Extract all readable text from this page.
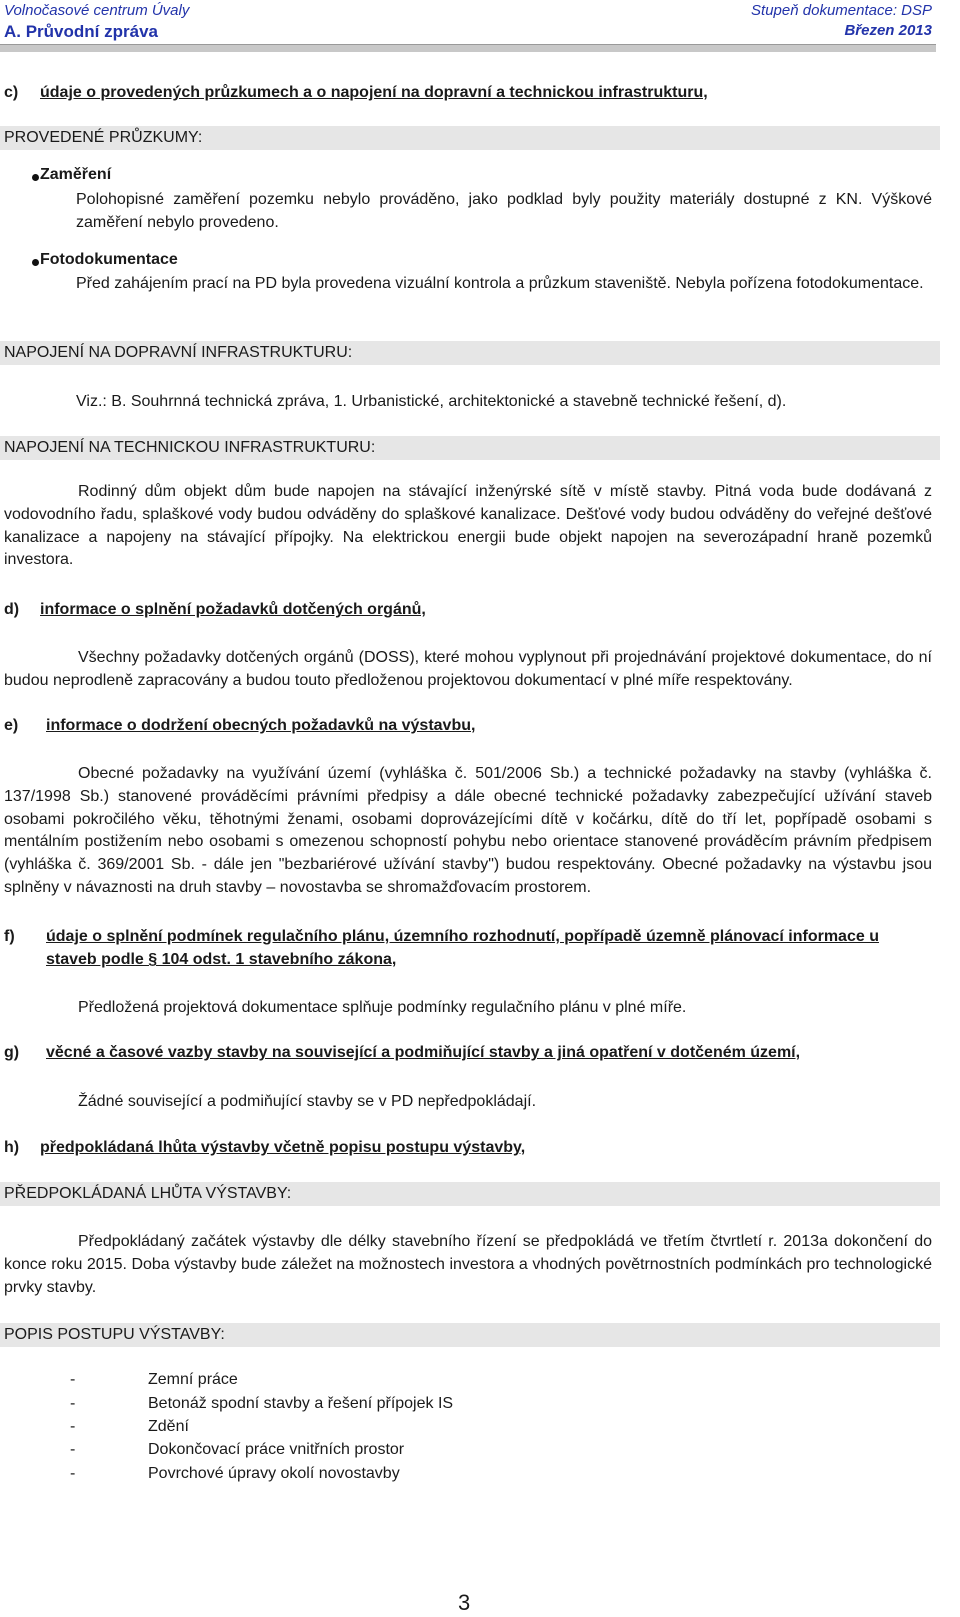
Volnočasové centrum Úvaly	Stupeň dokumentace: DSP
A. Průvodní zpráva	Březen 2013
c) údaje o provedených průzkumech a o napojení na dopravní a technickou infrastrukturu,
PROVEDENÉ PRŮZKUMY:
Zaměření
Polohopisné zaměření pozemku nebylo prováděno, jako podklad byly použity materiály dostupné z KN. Výškové zaměření nebylo provedeno.
Fotodokumentace
Před zahájením prací na PD byla provedena vizuální kontrola a průzkum staveniště. Nebyla pořízena fotodokumentace.
NAPOJENÍ NA DOPRAVNÍ INFRASTRUKTURU:
Viz.: B. Souhrnná technická zpráva, 1. Urbanistické, architektonické a stavebně technické řešení, d).
NAPOJENÍ NA TECHNICKOU INFRASTRUKTURU:
Rodinný dům objekt dům bude napojen na stávající inženýrské sítě v místě stavby. Pitná voda bude dodávaná z vodovodního řadu, splaškové vody budou odváděny do splaškové kanalizace. Dešťové vody budou odváděny do veřejné dešťové kanalizace a napojeny na stávající přípojky. Na elektrickou energii bude objekt napojen na severozápadní hraně pozemků investora.
d) informace o splnění požadavků dotčených orgánů,
Všechny požadavky dotčených orgánů (DOSS), které mohou vyplynout při projednávání projektové dokumentace, do ní budou neprodleně zapracovány a budou touto předloženou projektovou dokumentací v plné míře respektovány.
e) informace o dodržení obecných požadavků na výstavbu,
Obecné požadavky na využívání území (vyhláška č. 501/2006 Sb.) a technické požadavky na stavby (vyhláška č. 137/1998 Sb.) stanovené prováděcími právními předpisy a dále obecné technické požadavky zabezpečující užívání staveb osobami pokročilého věku, těhotnými ženami, osobami doprovázejícími dítě v kočárku, dítě do tří let, popřípadě osobami s mentálním postižením nebo osobami s omezenou schopností pohybu nebo orientace stanovené prováděcím právním předpisem (vyhláška č. 369/2001 Sb. - dále jen "bezbariérové užívání stavby") budou respektovány. Obecné požadavky na výstavbu jsou splněny v návaznosti na druh stavby – novostavba se shromažďovacím prostorem.
f) údaje o splnění podmínek regulačního plánu, územního rozhodnutí, popřípadě územně plánovací informace u
staveb podle § 104 odst. 1 stavebního zákona,
Předložená projektová dokumentace splňuje podmínky regulačního plánu v plné míře.
g) věcné a časové vazby stavby na související a podmiňující stavby a jiná opatření v dotčeném území,
Žádné související a podmiňující stavby se v PD nepředpokládají.
h) předpokládaná lhůta výstavby včetně popisu postupu výstavby,
PŘEDPOKLÁDANÁ LHŮTA VÝSTAVBY:
Předpokládaný začátek výstavby dle délky stavebního řízení se předpokládá ve třetím čtvrtletí r. 2013a dokončení do konce roku 2015. Doba výstavby bude záležet na možnostech investora a vhodných povětrnostních podmínkách pro technologické prvky stavby.
POPIS POSTUPU VÝSTAVBY:
-	Zemní práce
-	Betonáž spodní stavby a řešení přípojek IS
-	Zdění
-	Dokončovací práce vnitřních prostor
-	Povrchové úpravy okolí novostavby
3
